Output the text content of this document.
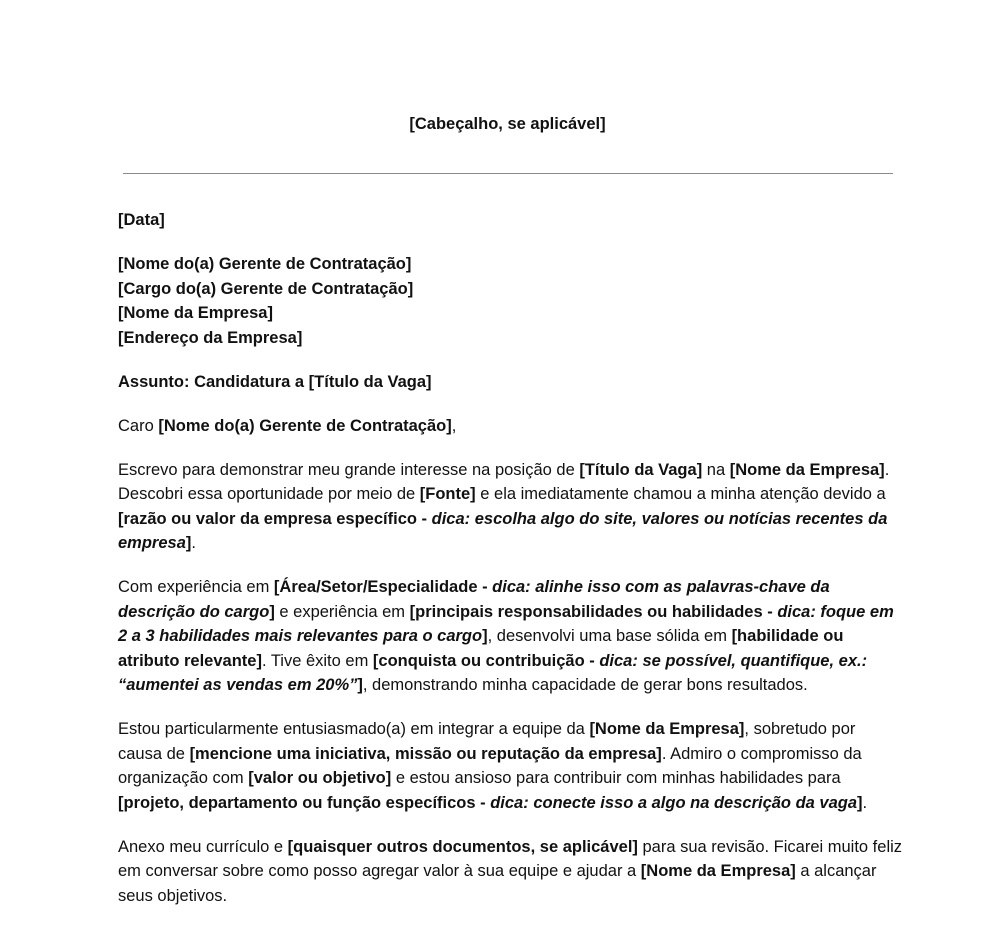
[Cabeçalho, se aplicável]

[Data]

[Nome do(a) Gerente de Contratação]
[Cargo do(a) Gerente de Contratação]
[Nome da Empresa]
[Endereço da Empresa]

Assunto: Candidatura a [Título da Vaga]

Caro [Nome do(a) Gerente de Contratação],

Escrevo para demonstrar meu grande interesse na posição de [Título da Vaga] na [Nome da Empresa]. Descobri essa oportunidade por meio de [Fonte] e ela imediatamente chamou a minha atenção devido a [razão ou valor da empresa específico - dica: escolha algo do site, valores ou notícias recentes da empresa].

Com experiência em [Área/Setor/Especialidade - dica: alinhe isso com as palavras-chave da descrição do cargo] e experiência em [principais responsabilidades ou habilidades - dica: foque em 2 a 3 habilidades mais relevantes para o cargo], desenvolvi uma base sólida em [habilidade ou atributo relevante]. Tive êxito em [conquista ou contribuição - dica: se possível, quantifique, ex.: “aumentei as vendas em 20%”], demonstrando minha capacidade de gerar bons resultados.

Estou particularmente entusiasmado(a) em integrar a equipe da [Nome da Empresa], sobretudo por causa de [mencione uma iniciativa, missão ou reputação da empresa]. Admiro o compromisso da organização com [valor ou objetivo] e estou ansioso para contribuir com minhas habilidades para [projeto, departamento ou função específicos - dica: conecte isso a algo na descrição da vaga].

Anexo meu currículo e [quaisquer outros documentos, se aplicável] para sua revisão. Ficarei muito feliz em conversar sobre como posso agregar valor à sua equipe e ajudar a [Nome da Empresa] a alcançar seus objetivos.
